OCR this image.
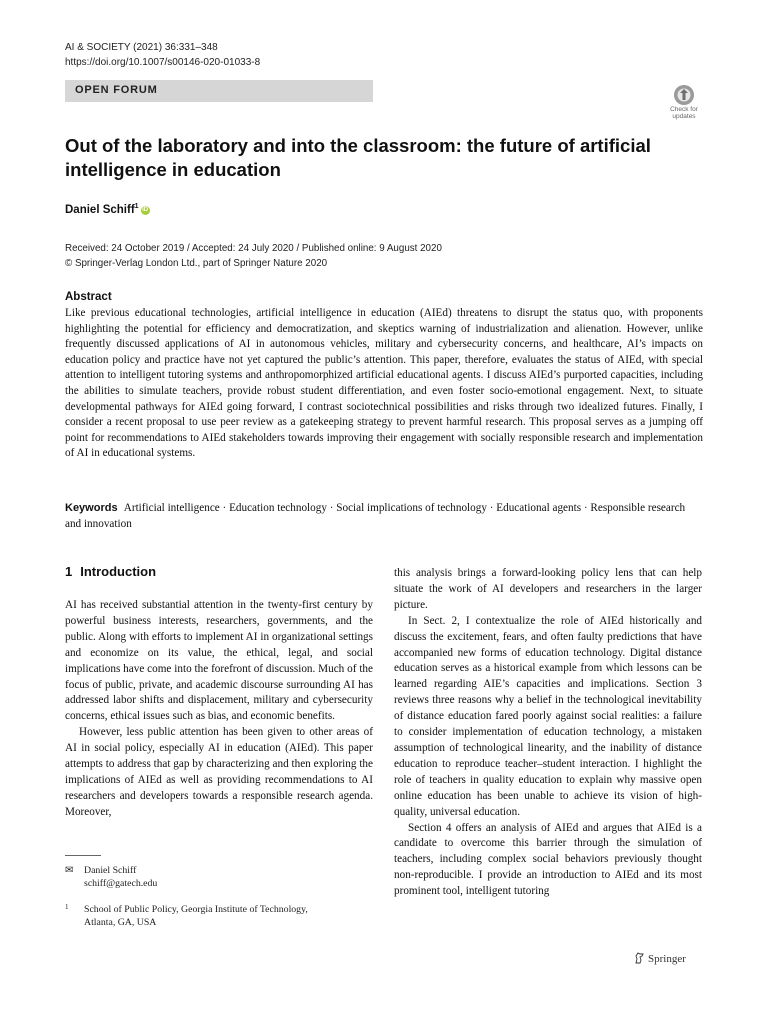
AI & SOCIETY (2021) 36:331–348
https://doi.org/10.1007/s00146-020-01033-8
OPEN FORUM
Check for
updates
Out of the laboratory and into the classroom: the future of artificial intelligence in education
Daniel Schiff$^1$ iD
Received: 24 October 2019 / Accepted: 24 July 2020 / Published online: 9 August 2020
© Springer-Verlag London Ltd., part of Springer Nature 2020
Abstract
Like previous educational technologies, artificial intelligence in education (AIEd) threatens to disrupt the status quo, with proponents highlighting the potential for efficiency and democratization, and skeptics warning of industrialization and alienation. However, unlike frequently discussed applications of AI in autonomous vehicles, military and cybersecurity concerns, and healthcare, AI’s impacts on education policy and practice have not yet captured the public’s attention. This paper, therefore, evaluates the status of AIEd, with special attention to intelligent tutoring systems and anthropomorphized artificial educational agents. I discuss AIEd’s purported capacities, including the abilities to simulate teachers, provide robust student differentiation, and even foster socio-emotional engagement. Next, to situate developmental pathways for AIEd going forward, I contrast sociotechnical possibilities and risks through two idealized futures. Finally, I consider a recent proposal to use peer review as a gatekeeping strategy to prevent harmful research. This proposal serves as a jumping off point for recommendations to AIEd stakeholders towards improving their engagement with socially responsible research and implementation of AI in educational systems.
Keywords Artificial intelligence · Education technology · Social implications of technology · Educational agents · Responsible research and innovation
1 Introduction

AI has received substantial attention in the twenty-first century by powerful business interests, researchers, governments, and the public. Along with efforts to implement AI in organizational settings and economize on its value, the ethical, legal, and social implications have come into the forefront of discussion. Much of the focus of public, private, and academic discourse surrounding AI has addressed labor shifts and displacement, military and cybersecurity concerns, ethical issues such as bias, and economic benefits.

However, less public attention has been given to other areas of AI in social policy, especially AI in education (AIEd). This paper attempts to address that gap by characterizing and then exploring the implications of AIEd as well as providing recommendations to AI researchers and developers towards a responsible research agenda. Moreover,

this analysis brings a forward-looking policy lens that can help situate the work of AI developers and researchers in the larger picture.

In Sect. 2, I contextualize the role of AIEd historically and discuss the excitement, fears, and often faulty predictions that have accompanied new forms of education technology. Digital distance education serves as a historical example from which lessons can be learned regarding AIE’s capacities and implications. Section 3 reviews three reasons why a belief in the technological inevitability of distance education fared poorly against social realities: a failure to consider implementation of education technology, a mistaken assumption of technological linearity, and the inability of distance education to reproduce teacher–student interaction. I highlight the role of teachers in quality education to explain why massive open online education has been unable to achieve its vision of high-quality, universal education.

Section 4 offers an analysis of AIEd and argues that AIEd is a candidate to overcome this barrier through the simulation of teachers, including complex social behaviors previously thought non-reproducible. I provide an introduction to AIEd and its most prominent tool, intelligent tutoring

✉ Daniel Schiff
schiff@gatech.edu
1 School of Public Policy, Georgia Institute of Technology,
Atlanta, GA, USA
Springer
